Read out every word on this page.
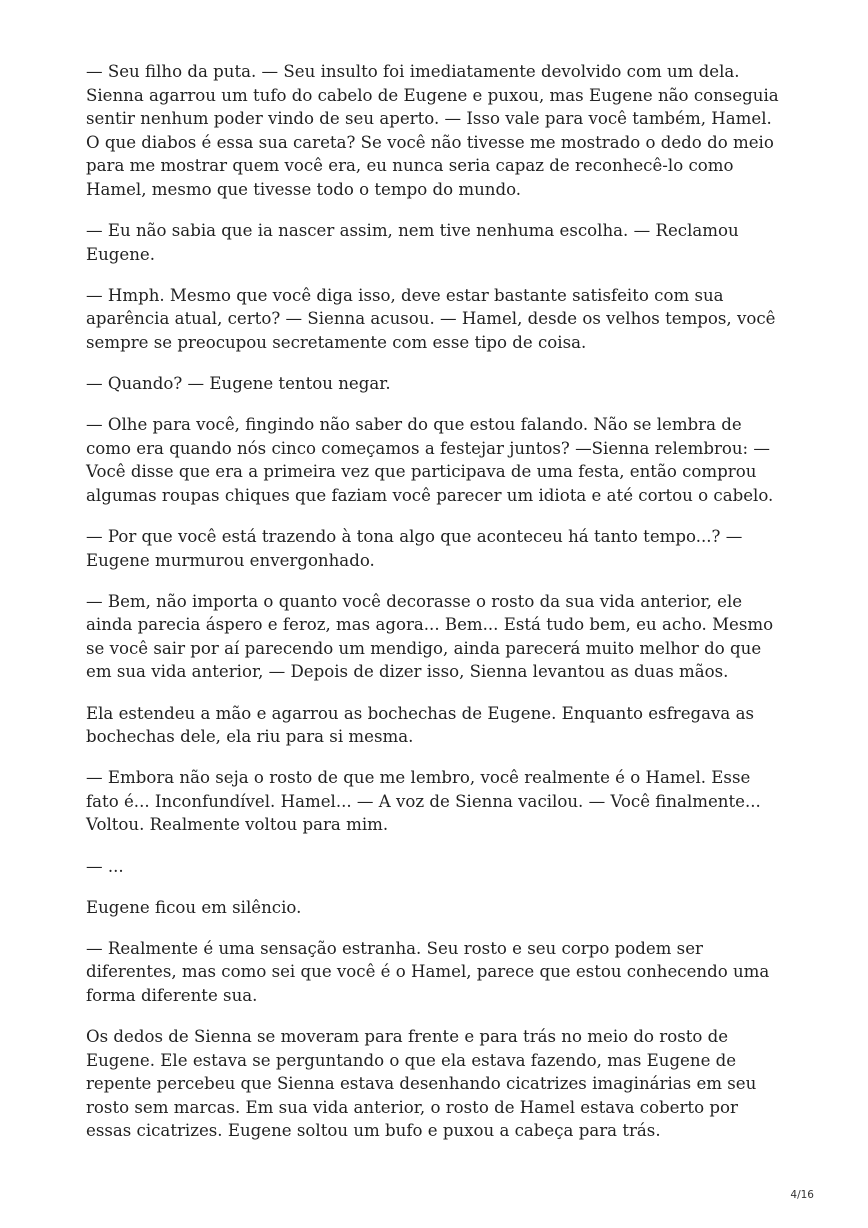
— Seu filho da puta. — Seu insulto foi imediatamente devolvido com um dela. Sienna agarrou um tufo do cabelo de Eugene e puxou, mas Eugene não conseguia sentir nenhum poder vindo de seu aperto. — Isso vale para você também, Hamel. O que diabos é essa sua careta? Se você não tivesse me mostrado o dedo do meio para me mostrar quem você era, eu nunca seria capaz de reconhecê-lo como Hamel, mesmo que tivesse todo o tempo do mundo.

— Eu não sabia que ia nascer assim, nem tive nenhuma escolha. — Reclamou Eugene.

— Hmph. Mesmo que você diga isso, deve estar bastante satisfeito com sua aparência atual, certo? — Sienna acusou. — Hamel, desde os velhos tempos, você sempre se preocupou secretamente com esse tipo de coisa.

— Quando? — Eugene tentou negar.

— Olhe para você, fingindo não saber do que estou falando. Não se lembra de como era quando nós cinco começamos a festejar juntos? —Sienna relembrou: — Você disse que era a primeira vez que participava de uma festa, então comprou algumas roupas chiques que faziam você parecer um idiota e até cortou o cabelo.

— Por que você está trazendo à tona algo que aconteceu há tanto tempo...? — Eugene murmurou envergonhado.

— Bem, não importa o quanto você decorasse o rosto da sua vida anterior, ele ainda parecia áspero e feroz, mas agora... Bem... Está tudo bem, eu acho. Mesmo se você sair por aí parecendo um mendigo, ainda parecerá muito melhor do que em sua vida anterior, — Depois de dizer isso, Sienna levantou as duas mãos.

Ela estendeu a mão e agarrou as bochechas de Eugene. Enquanto esfregava as bochechas dele, ela riu para si mesma.

— Embora não seja o rosto de que me lembro, você realmente é o Hamel. Esse fato é... Inconfundível. Hamel... — A voz de Sienna vacilou. — Você finalmente... Voltou. Realmente voltou para mim.

— ...

Eugene ficou em silêncio.

— Realmente é uma sensação estranha. Seu rosto e seu corpo podem ser diferentes, mas como sei que você é o Hamel, parece que estou conhecendo uma forma diferente sua.

Os dedos de Sienna se moveram para frente e para trás no meio do rosto de Eugene. Ele estava se perguntando o que ela estava fazendo, mas Eugene de repente percebeu que Sienna estava desenhando cicatrizes imaginárias em seu rosto sem marcas. Em sua vida anterior, o rosto de Hamel estava coberto por essas cicatrizes. Eugene soltou um bufo e puxou a cabeça para trás.

4/16
